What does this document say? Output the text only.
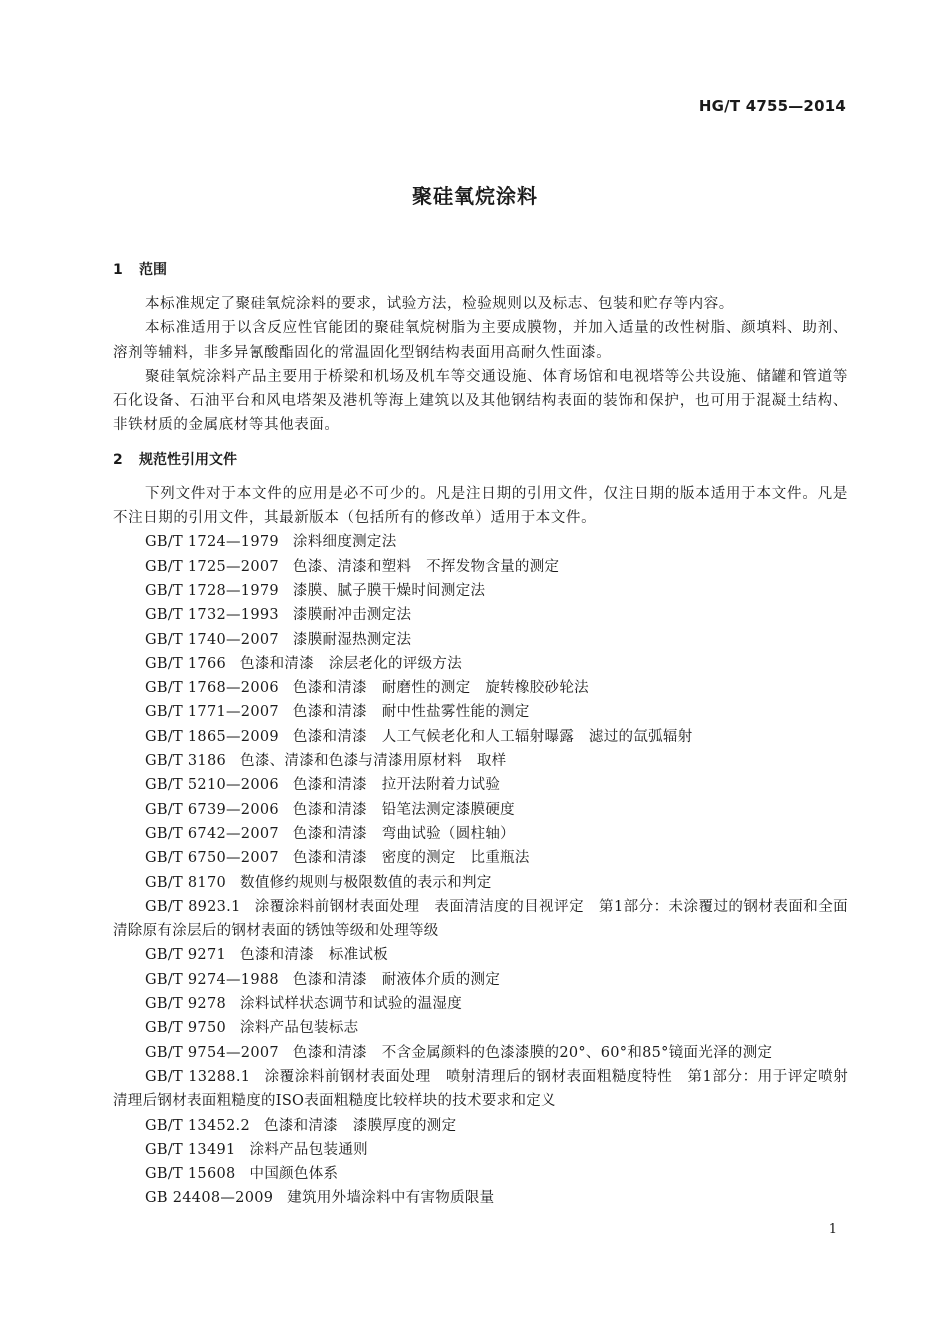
HG/T 4755—2014
聚硅氧烷涂料
1 范围

本标准规定了聚硅氧烷涂料的要求，试验方法，检验规则以及标志、包装和贮存等内容。

本标准适用于以含反应性官能团的聚硅氧烷树脂为主要成膜物，并加入适量的改性树脂、颜填料、助剂、溶剂等辅料，非多异氰酸酯固化的常温固化型钢结构表面用高耐久性面漆。

聚硅氧烷涂料产品主要用于桥梁和机场及机车等交通设施、体育场馆和电视塔等公共设施、储罐和管道等石化设备、石油平台和风电塔架及港机等海上建筑以及其他钢结构表面的装饰和保护，也可用于混凝土结构、非铁材质的金属底材等其他表面。

2 规范性引用文件

下列文件对于本文件的应用是必不可少的。凡是注日期的引用文件，仅注日期的版本适用于本文件。凡是不注日期的引用文件，其最新版本（包括所有的修改单）适用于本文件。

GB/T 1724—1979 涂料细度测定法

GB/T 1725—2007 色漆、清漆和塑料　不挥发物含量的测定

GB/T 1728—1979 漆膜、腻子膜干燥时间测定法

GB/T 1732—1993 漆膜耐冲击测定法

GB/T 1740—2007 漆膜耐湿热测定法

GB/T 1766 色漆和清漆　涂层老化的评级方法

GB/T 1768—2006 色漆和清漆　耐磨性的测定　旋转橡胶砂轮法

GB/T 1771—2007 色漆和清漆　耐中性盐雾性能的测定

GB/T 1865—2009 色漆和清漆　人工气候老化和人工辐射曝露　滤过的氙弧辐射

GB/T 3186 色漆、清漆和色漆与清漆用原材料　取样

GB/T 5210—2006 色漆和清漆　拉开法附着力试验

GB/T 6739—2006 色漆和清漆　铅笔法测定漆膜硬度

GB/T 6742—2007 色漆和清漆　弯曲试验（圆柱轴）

GB/T 6750—2007 色漆和清漆　密度的测定　比重瓶法

GB/T 8170 数值修约规则与极限数值的表示和判定

GB/T 8923.1 涂覆涂料前钢材表面处理　表面清洁度的目视评定　第1部分：未涂覆过的钢材表面和全面清除原有涂层后的钢材表面的锈蚀等级和处理等级

GB/T 9271 色漆和清漆　标准试板

GB/T 9274—1988 色漆和清漆　耐液体介质的测定

GB/T 9278 涂料试样状态调节和试验的温湿度

GB/T 9750 涂料产品包装标志

GB/T 9754—2007 色漆和清漆　不含金属颜料的色漆漆膜的20°、60°和85°镜面光泽的测定

GB/T 13288.1 涂覆涂料前钢材表面处理　喷射清理后的钢材表面粗糙度特性　第1部分：用于评定喷射清理后钢材表面粗糙度的ISO表面粗糙度比较样块的技术要求和定义

GB/T 13452.2 色漆和清漆　漆膜厚度的测定

GB/T 13491 涂料产品包装通则

GB/T 15608 中国颜色体系

GB 24408—2009 建筑用外墙涂料中有害物质限量

1
